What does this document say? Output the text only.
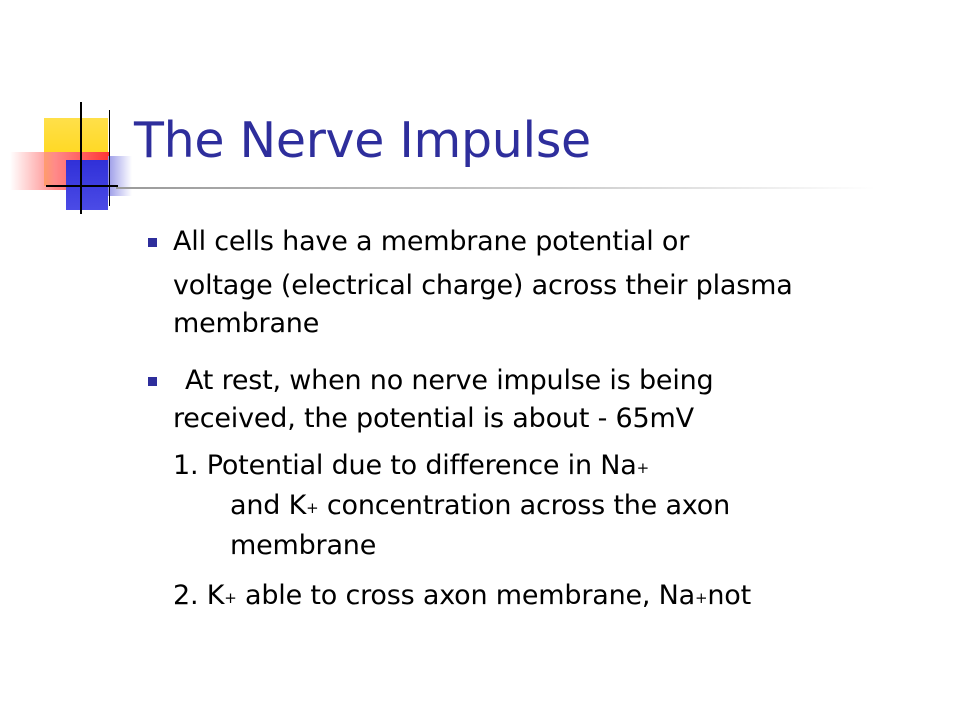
The Nerve Impulse
All cells have a membrane potential or
voltage (electrical charge) across their plasma
membrane
At rest, when no nerve impulse is being
received, the potential is about - 65mV
1. Potential due to difference in Na+
and K+ concentration across the axon
membrane
2. K+ able to cross axon membrane, Na+not
